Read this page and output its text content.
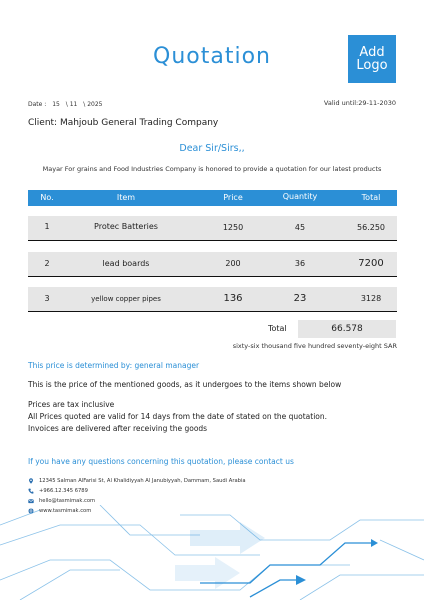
Quotation	Add
Logo
Date : 15 \ 11 \ 2025	Valid until:29-11-2030
Client: Mahjoub General Trading Company
Dear Sir/Sirs,,
Mayar For grains and Food Industries Company is honored to provide a quotation for our latest products
No.	Item	Price	Quantity	Total
1	Protec Batteries	1250	45	56.250
2	lead boards	200	36	7200
3	yellow copper pipes	136	23	3128
Total	66.578
sixty-six thousand five hundred seventy-eight SAR
This price is determined by: general manager
This is the price of the mentioned goods, as it undergoes to the items shown below
Prices are tax inclusive
All Prices quoted are valid for 14 days from the date of stated on the quotation.
Invoices are delivered after receiving the goods
If you have any questions concerning this quotation, please contact us
12345 Salman AlFarisi St, Al Khalidiyyah Al Janubiyyah, Dammam, Saudi Arabia
+966.12.345 6789
hello@tasmimak.com
www.tasmimak.com
